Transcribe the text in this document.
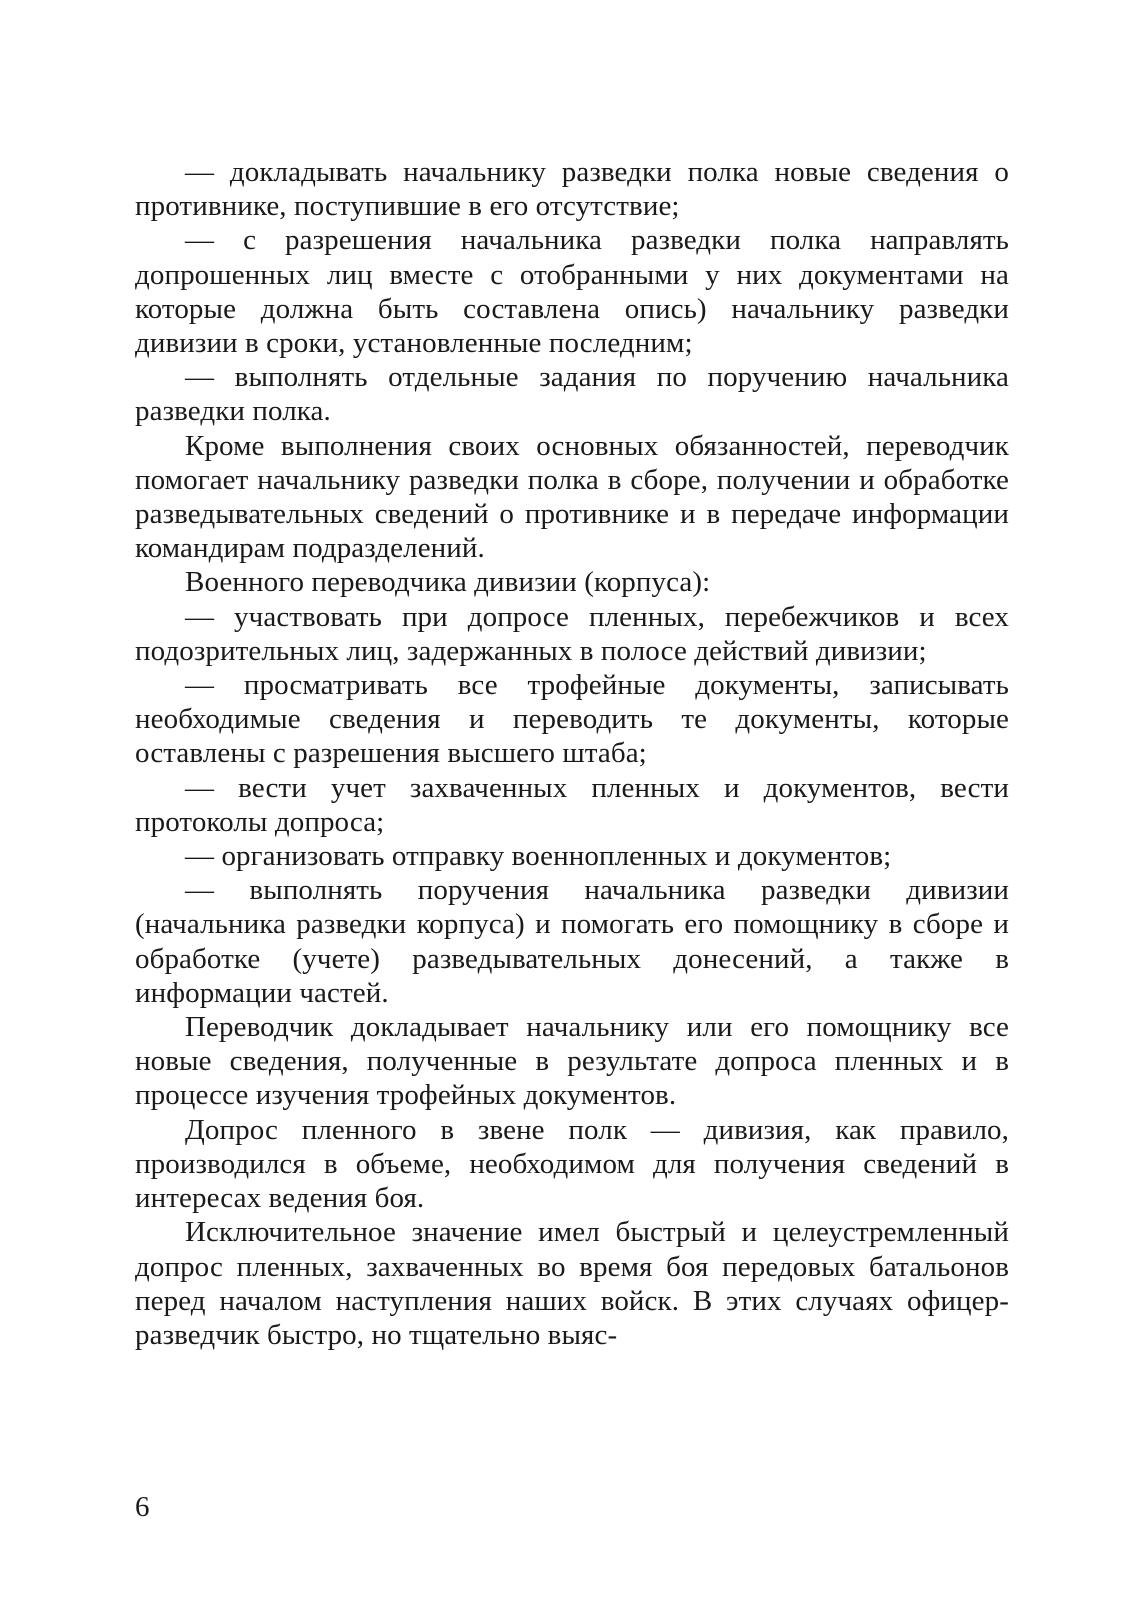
— докладывать начальнику разведки полка новые сведения о противнике, поступившие в его отсутствие;

— с разрешения начальника разведки полка направлять допрошенных лиц вместе с отобранными у них документами на которые должна быть составлена опись) начальнику разведки дивизии в сроки, установленные последним;

— выполнять отдельные задания по поручению начальника разведки полка.

Кроме выполнения своих основных обязанностей, переводчик помогает начальнику разведки полка в сборе, получении и обработке разведывательных сведений о противнике и в передаче информации командирам подразделений.

Военного переводчика дивизии (корпуса):

— участвовать при допросе пленных, перебежчиков и всех подозрительных лиц, задержанных в полосе действий дивизии;

— просматривать все трофейные документы, записывать необходимые сведения и переводить те документы, которые оставлены с разрешения высшего штаба;

— вести учет захваченных пленных и документов, вести протоколы допроса;

— организовать отправку военнопленных и документов;

— выполнять поручения начальника разведки дивизии (начальника разведки корпуса) и помогать его помощнику в сборе и обработке (учете) разведывательных донесений, а также в информации частей.

Переводчик докладывает начальнику или его помощнику все новые сведения, полученные в результате допроса пленных и в процессе изучения трофейных документов.

Допрос пленного в звене полк — дивизия, как правило, производился в объеме, необходимом для получения сведений в интересах ведения боя.

Исключительное значение имел быстрый и целеустремленный допрос пленных, захваченных во время боя передовых батальонов перед началом наступления наших войск. В этих случаях офицер-разведчик быстро, но тщательно выяс-

6
